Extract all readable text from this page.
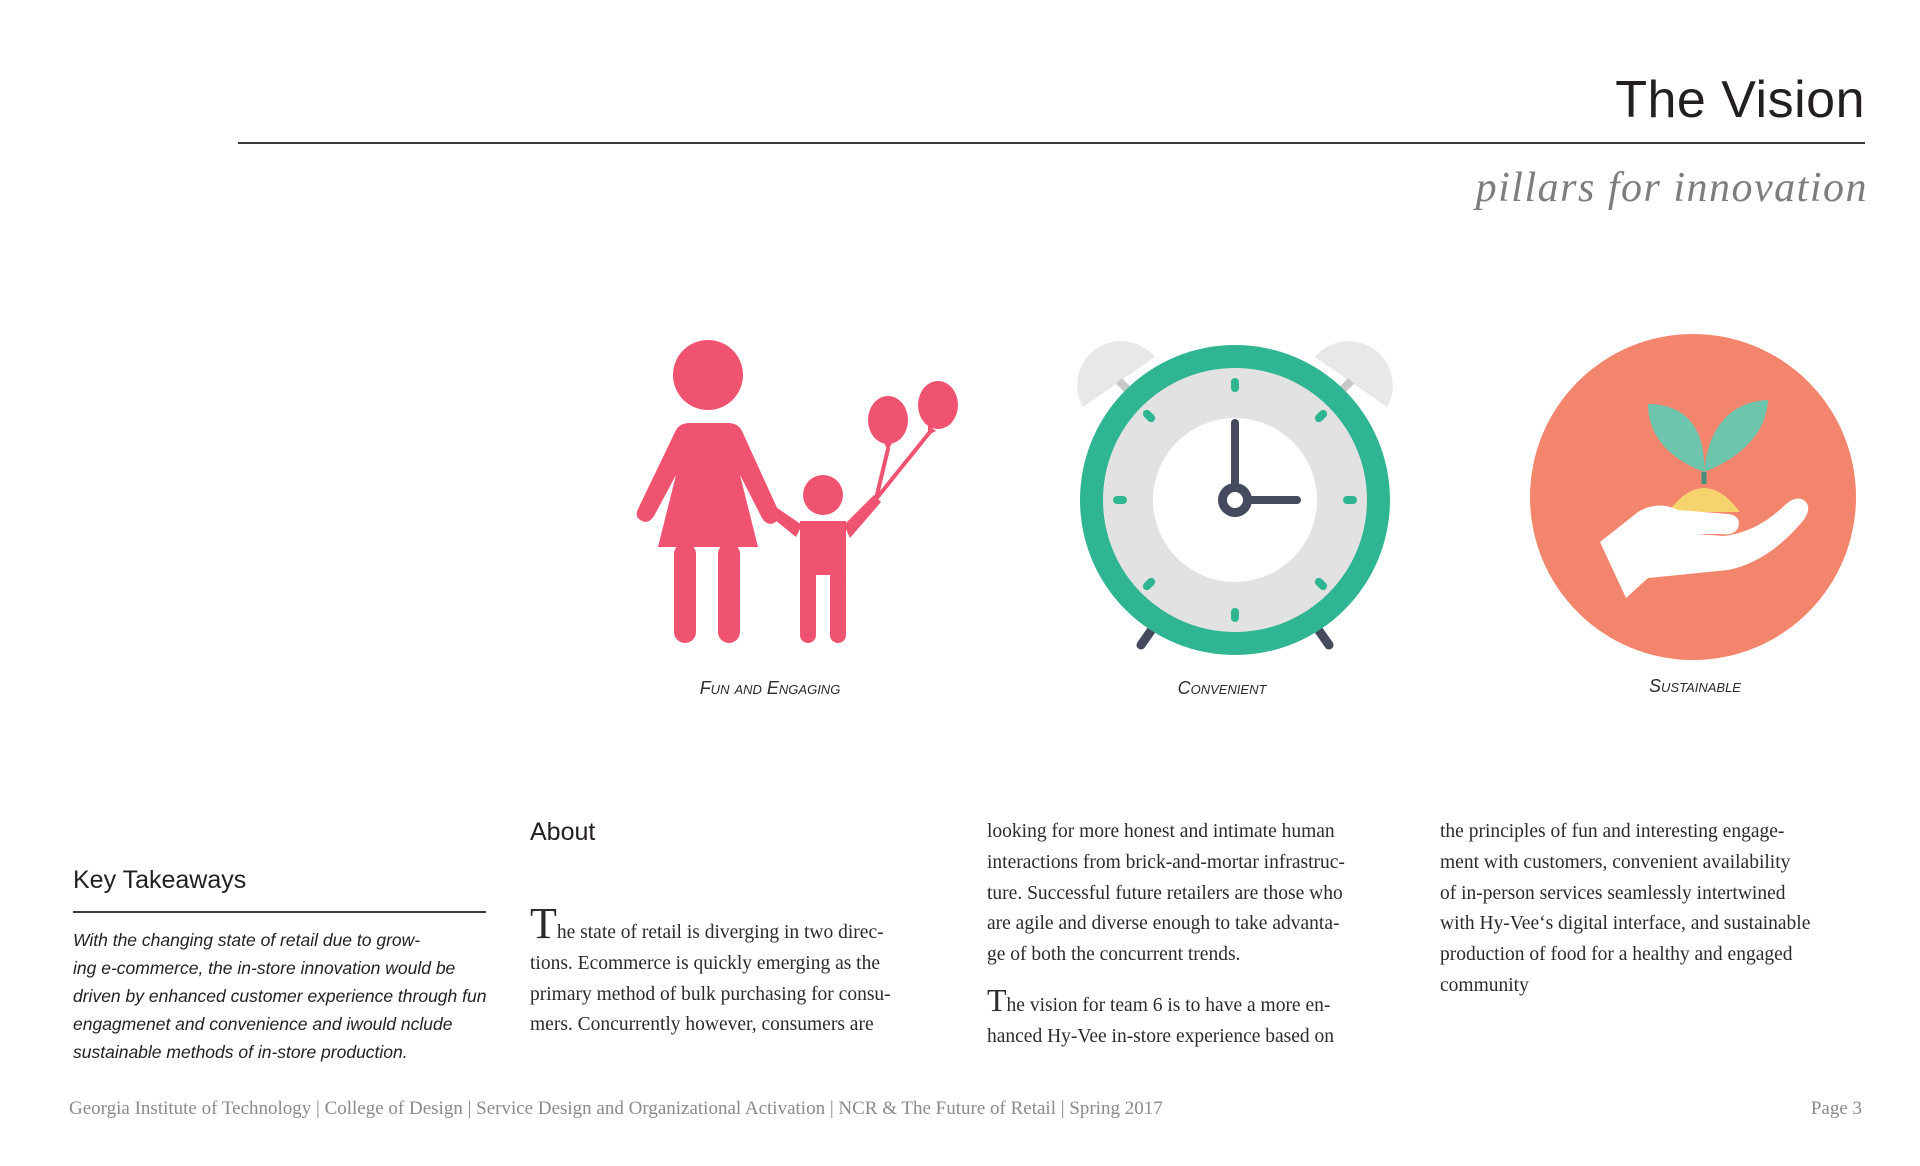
The Vision
pillars for innovation
Fun and Engaging	Convenient	Sustainable
Key Takeaways
With the changing state of retail due to grow-
ing e-commerce, the in-store innovation would be
driven by enhanced customer experience through fun
engagmenet and convenience and iwould nclude
sustainable methods of in-store production.
About
The state of retail is diverging in two direc-
tions. Ecommerce is quickly emerging as the
primary method of bulk purchasing for consu-
mers. Concurrently however, consumers are
looking for more honest and intimate human
interactions from brick-and-mortar infrastruc-
ture. Successful future retailers are those who
are agile and diverse enough to take advanta-
ge of both the concurrent trends.
The vision for team 6 is to have a more en-
hanced Hy-Vee in-store experience based on
the principles of fun and interesting engage-
ment with customers, convenient availability
of in-person services seamlessly intertwined
with Hy-Vee‘s digital interface, and sustainable
production of food for a healthy and engaged
community
Georgia Institute of Technology | College of Design | Service Design and Organizational Activation | NCR & The Future of Retail | Spring 2017	Page 3
